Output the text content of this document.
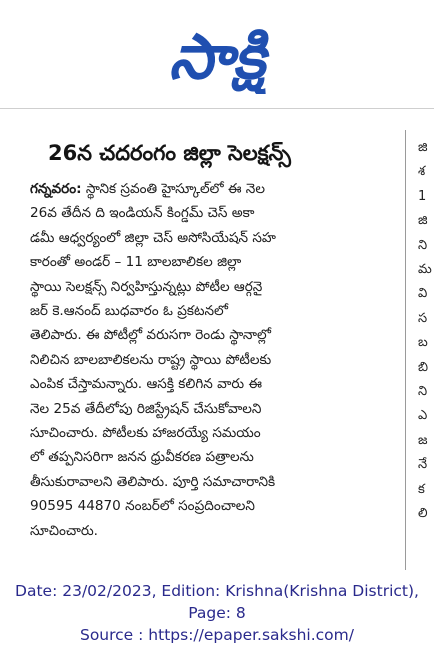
సాక్షి
26న చదరంగం జిల్లా సెలక్షన్స్
గన్నవరం: స్థానిక స్రవంతి హైస్కూల్‌లో ఈ నెల
26వ తేదీన ది ఇండియన్ కింగ్డమ్ చెస్ అకా
డమీ ఆధ్వర్యంలో జిల్లా చెస్ అసోసియేషన్ సహ
కారంతో అండర్ – 11 బాలబాలికల జిల్లా
స్థాయి సెలక్షన్స్ నిర్వహిస్తున్నట్లు పోటీల ఆర్గనై
జర్ కె.ఆనంద్ బుధవారం ఓ ప్రకటనలో
తెలిపారు. ఈ పోటీల్లో వరుసగా రెండు స్థానాల్లో
నిలిచిన బాలబాలికలను రాష్ట్ర స్థాయి పోటీలకు
ఎంపిక చేస్తామన్నారు. ఆసక్తి కలిగిన వారు ఈ
నెల 25వ తేదీలోపు రిజిస్ట్రేషన్ చేసుకోవాలని
సూచించారు. పోటీలకు హాజరయ్యే సమయం
లో తప్పనిసరిగా జనన ధ్రువీకరణ పత్రాలను
తీసుకురావాలని తెలిపారు. పూర్తి సమాచారానికి
90595 44870 నంబర్‌లో సంప్రదించాలని
సూచించారు.
జి
శ
1
జి
ని
మ
వి
స
బ
బి
ని
ఎ
జ
నే
క
లి
Date: 23/02/2023, Edition: Krishna(Krishna District),
Page: 8
Source : https://epaper.sakshi.com/
